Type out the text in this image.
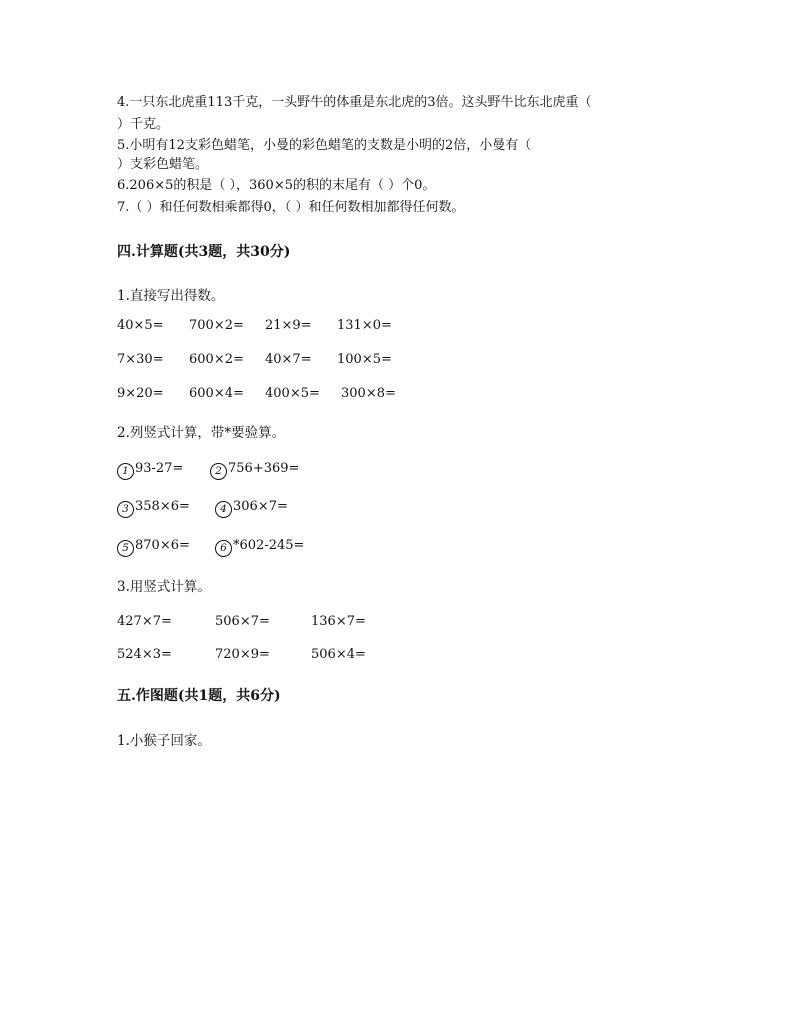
4.一只东北虎重113千克，一头野牛的体重是东北虎的3倍。这头野牛比东北虎重（
）千克。
5.小明有12支彩色蜡笔，小曼的彩色蜡笔的支数是小明的2倍，小曼有（
）支彩色蜡笔。
6.206×5的积是（ ），360×5的积的末尾有（ ）个0。
7.（ ）和任何数相乘都得0，（ ）和任何数相加都得任何数。
四.计算题(共3题，共30分)
1.直接写出得数。
40×5= 700×2= 21×9= 131×0=
7×30= 600×2= 40×7= 100×5=
9×20= 600×4= 400×5= 300×8=
2.列竖式计算，带*要验算。
1 93-27=	2 756+369=
3 358×6=	4 306×7=
5 870×6=	6 *602-245=
3.用竖式计算。
427×7=	506×7=	136×7=
524×3=	720×9=	506×4=
五.作图题(共1题，共6分)
1.小猴子回家。
